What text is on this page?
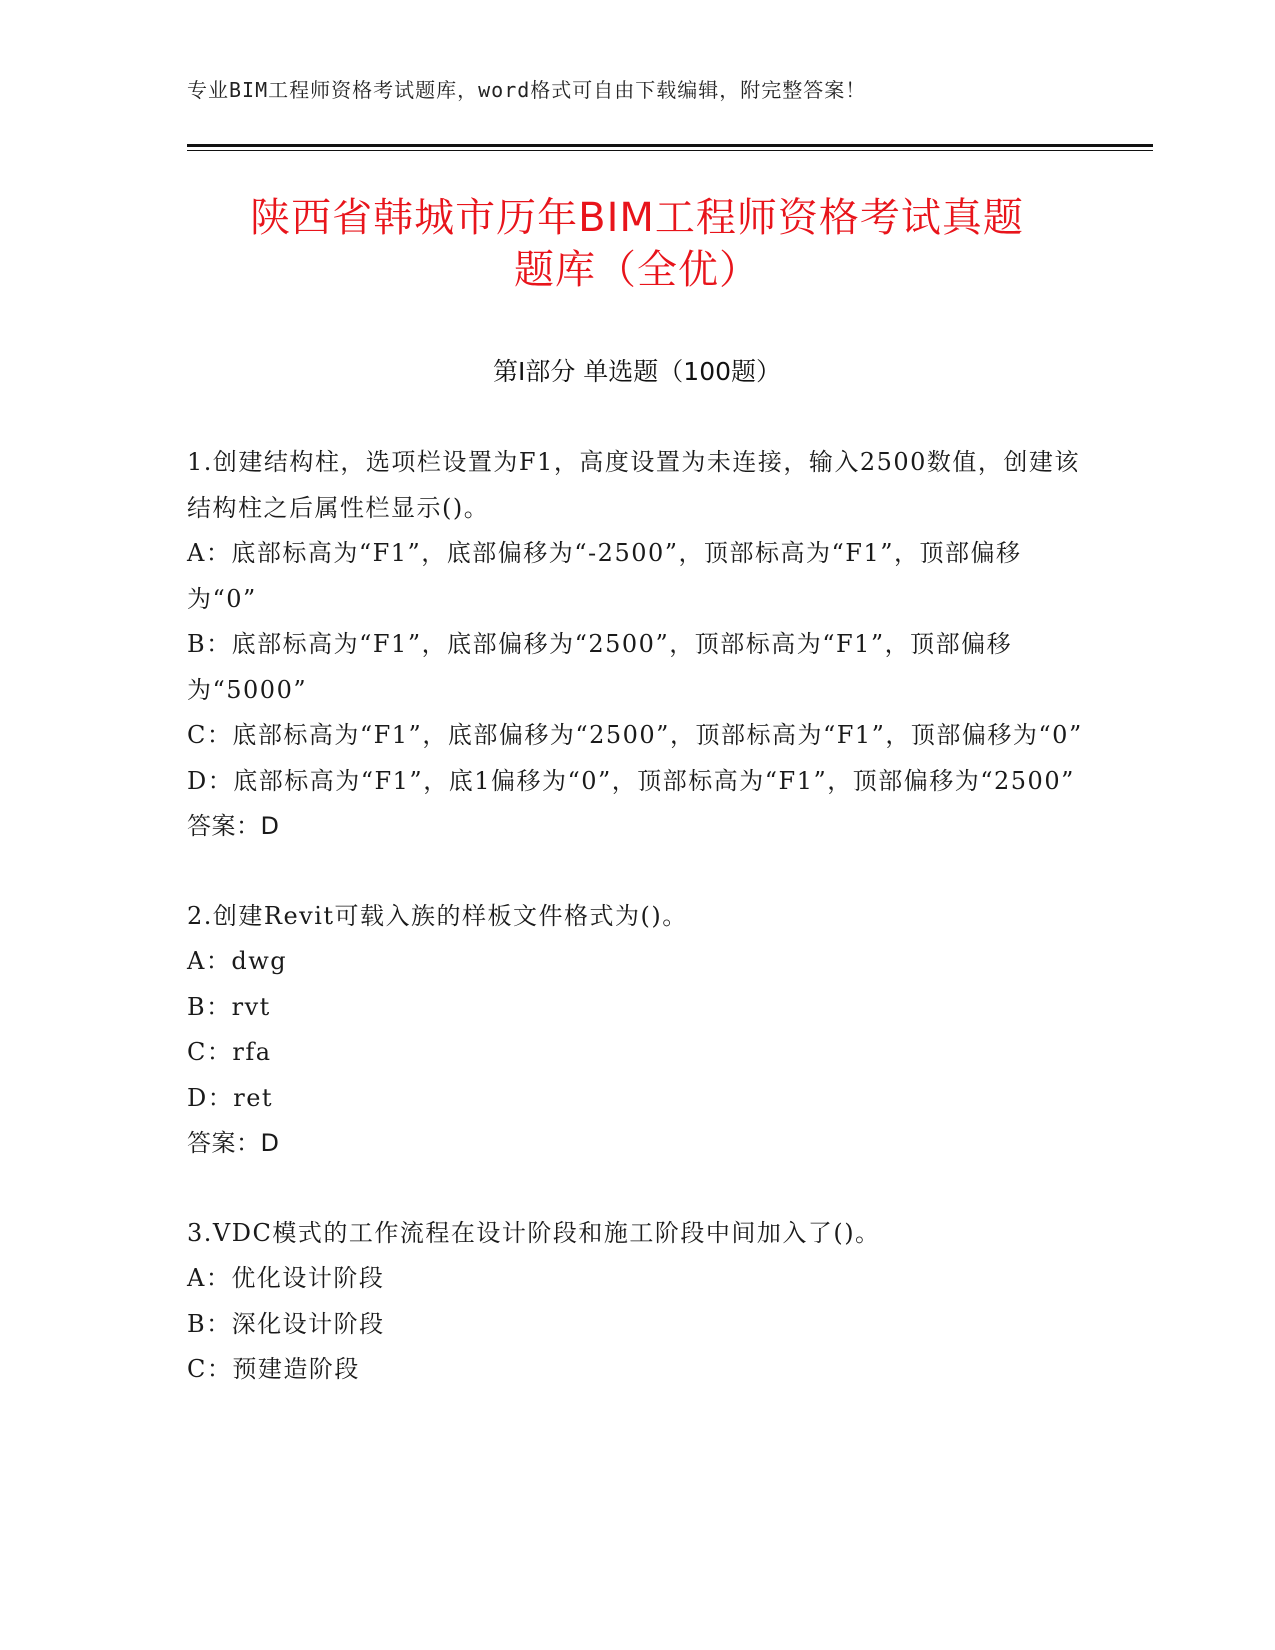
专业BIM工程师资格考试题库，word格式可自由下载编辑，附完整答案！
陕西省韩城市历年BIM工程师资格考试真题
题库（全优）
第Ⅰ部分 单选题（100题）

1.创建结构柱，选项栏设置为F1，高度设置为未连接，输入2500数值，创建该结构柱之后属性栏显示()。

A：底部标高为“F1”，底部偏移为“-2500”，顶部标高为“F1”，顶部偏移为“0”

B：底部标高为“F1”，底部偏移为“2500”，顶部标高为“F1”，顶部偏移为“5000”

C：底部标高为“F1”，底部偏移为“2500”，顶部标高为“F1”，顶部偏移为“0”

D：底部标高为“F1”，底1偏移为“0”，顶部标高为“F1”，顶部偏移为“2500”

答案：D

2.创建Revit可载入族的样板文件格式为()。

A：dwg

B：rvt

C：rfa

D：ret

答案：D

3.VDC模式的工作流程在设计阶段和施工阶段中间加入了()。

A：优化设计阶段

B：深化设计阶段

C：预建造阶段
